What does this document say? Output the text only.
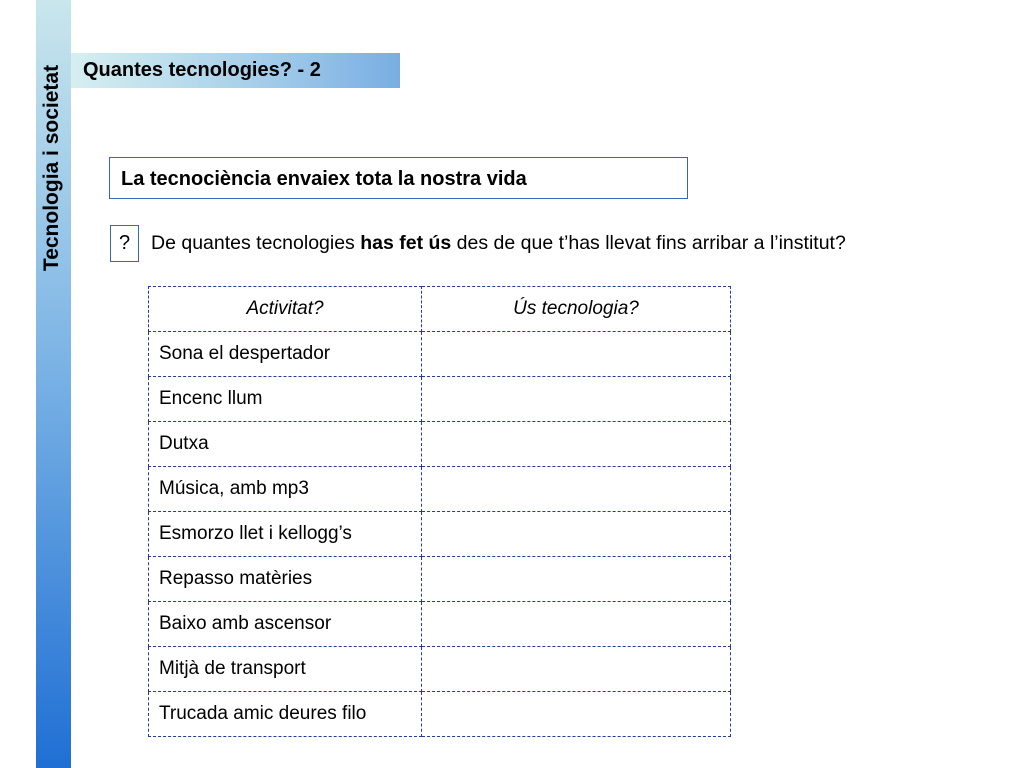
Tecnologia i societat Quantes tecnologies? - 2
La tecnociència envaiex tota la nostra vida
?	De quantes tecnologies has fet ús des de que t’has llevat fins arribar a l’institut?
Activitat?	Ús tecnologia?
Sona el despertador	
Encenc llum	
Dutxa	
Música, amb mp3	
Esmorzo llet i kellogg’s	
Repasso matèries	
Baixo amb ascensor	
Mitjà de transport	
Trucada amic deures filo	
